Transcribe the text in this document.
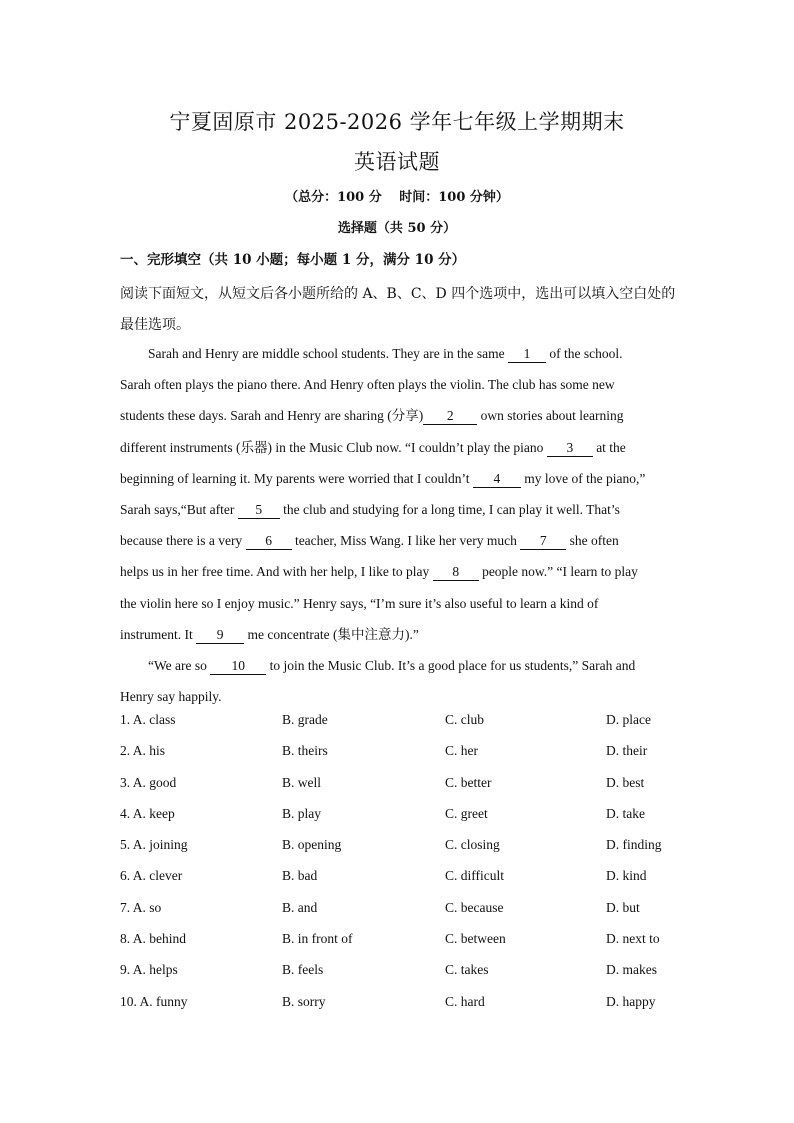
宁夏固原市 2025-2026 学年七年级上学期期末
英语试题
（总分：100 分　 时间：100 分钟）
选择题（共 50 分）
一、完形填空（共 10 小题；每小题 1 分，满分 10 分）
阅读下面短文，从短文后各小题所给的 A、B、C、D 四个选项中，选出可以填入空白处的最佳选项。
Sarah and Henry are middle school students. They are in the same 1 of the school.
Sarah often plays the piano there. And Henry often plays the violin. The club has some new
students these days. Sarah and Henry are sharing (分享) 2 own stories about learning
different instruments (乐器) in the Music Club now. “I couldn’t play the piano 3 at the
beginning of learning it. My parents were worried that I couldn’t 4 my love of the piano,”
Sarah says,“But after 5 the club and studying for a long time, I can play it well. That’s
because there is a very 6 teacher, Miss Wang. I like her very much 7 she often
helps us in her free time. And with her help, I like to play 8 people now.” “I learn to play
the violin here so I enjoy music.” Henry says, “I’m sure it’s also useful to learn a kind of
instrument. It 9 me concentrate (集中注意力).”
“We are so 10 to join the Music Club. It’s a good place for us students,” Sarah and
Henry say happily.
1. A. class	B. grade	C. club	D. place
2. A. his	B. theirs	C. her	D. their
3. A. good	B. well	C. better	D. best
4. A. keep	B. play	C. greet	D. take
5. A. joining	B. opening	C. closing	D. finding
6. A. clever	B. bad	C. difficult	D. kind
7. A. so	B. and	C. because	D. but
8. A. behind	B. in front of	C. between	D. next to
9. A. helps	B. feels	C. takes	D. makes
10. A. funny	B. sorry	C. hard	D. happy
